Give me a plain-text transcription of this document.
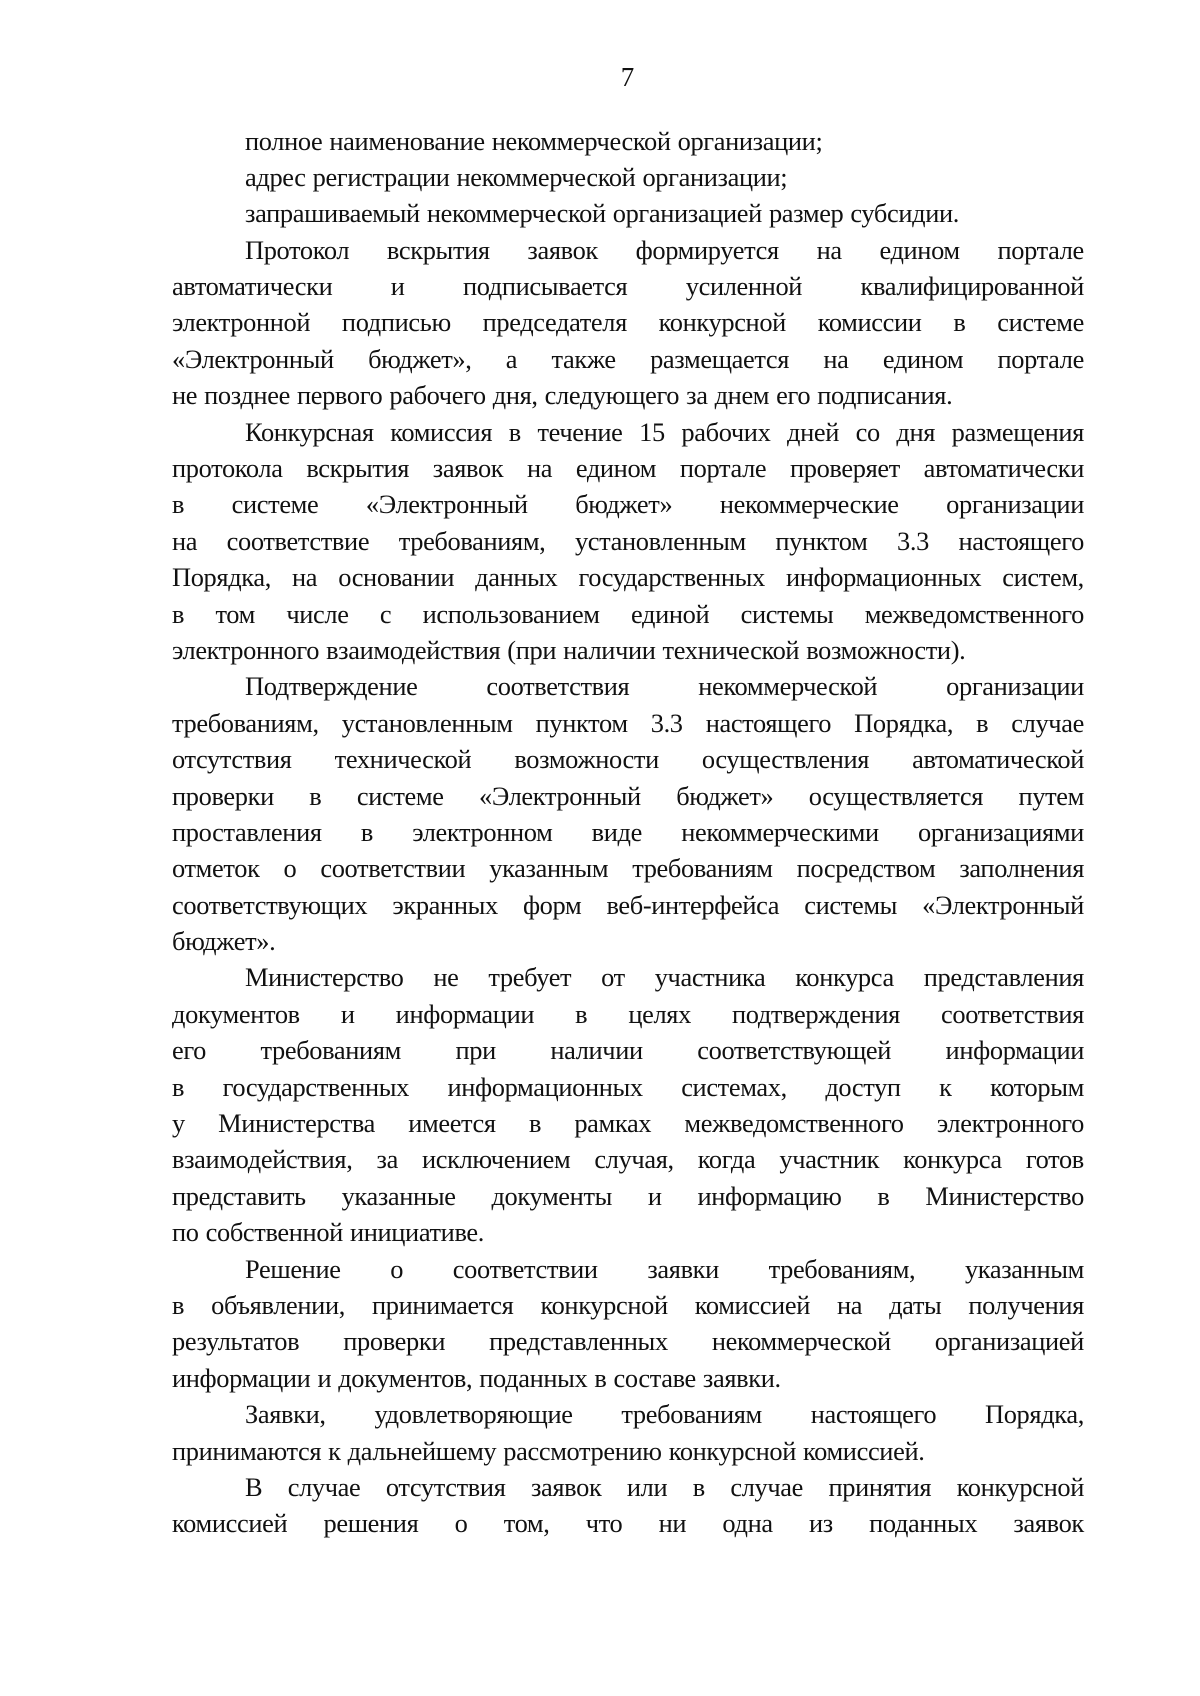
7
полное наименование некоммерческой организации;
адрес регистрации некоммерческой организации;
запрашиваемый некоммерческой организацией размер субсидии.
Протокол вскрытия заявок формируется на едином портале
автоматически и подписывается усиленной квалифицированной
электронной подписью председателя конкурсной комиссии в системе
«Электронный бюджет», а также размещается на едином портале
не позднее первого рабочего дня, следующего за днем его подписания.
Конкурсная комиссия в течение 15 рабочих дней со дня размещения
протокола вскрытия заявок на едином портале проверяет автоматически
в системе «Электронный бюджет» некоммерческие организации
на соответствие требованиям, установленным пунктом 3.3 настоящего
Порядка, на основании данных государственных информационных систем,
в том числе с использованием единой системы межведомственного
электронного взаимодействия (при наличии технической возможности).
Подтверждение	соответствия	некоммерческой	организации
требованиям, установленным пунктом 3.3 настоящего Порядка, в случае
отсутствия технической возможности осуществления автоматической
проверки в системе «Электронный бюджет» осуществляется путем
проставления в электронном виде некоммерческими организациями
отметок о соответствии указанным требованиям посредством заполнения
соответствующих экранных форм веб-интерфейса системы «Электронный
бюджет».
Министерство не требует от участника конкурса представления
документов и информации в целях подтверждения соответствия
его требованиям при наличии соответствующей информации
в государственных информационных системах, доступ к которым
у Министерства имеется в рамках межведомственного электронного
взаимодействия, за исключением случая, когда участник конкурса готов
представить указанные документы и информацию в Министерство
по собственной инициативе.
Решение о соответствии заявки требованиям, указанным
в объявлении, принимается конкурсной комиссией на даты получения
результатов проверки представленных некоммерческой организацией
информации и документов, поданных в составе заявки.
Заявки, удовлетворяющие требованиям настоящего Порядка,
принимаются к дальнейшему рассмотрению конкурсной комиссией.
В случае отсутствия заявок или в случае принятия конкурсной
комиссией решения о том, что ни одна из поданных заявок
